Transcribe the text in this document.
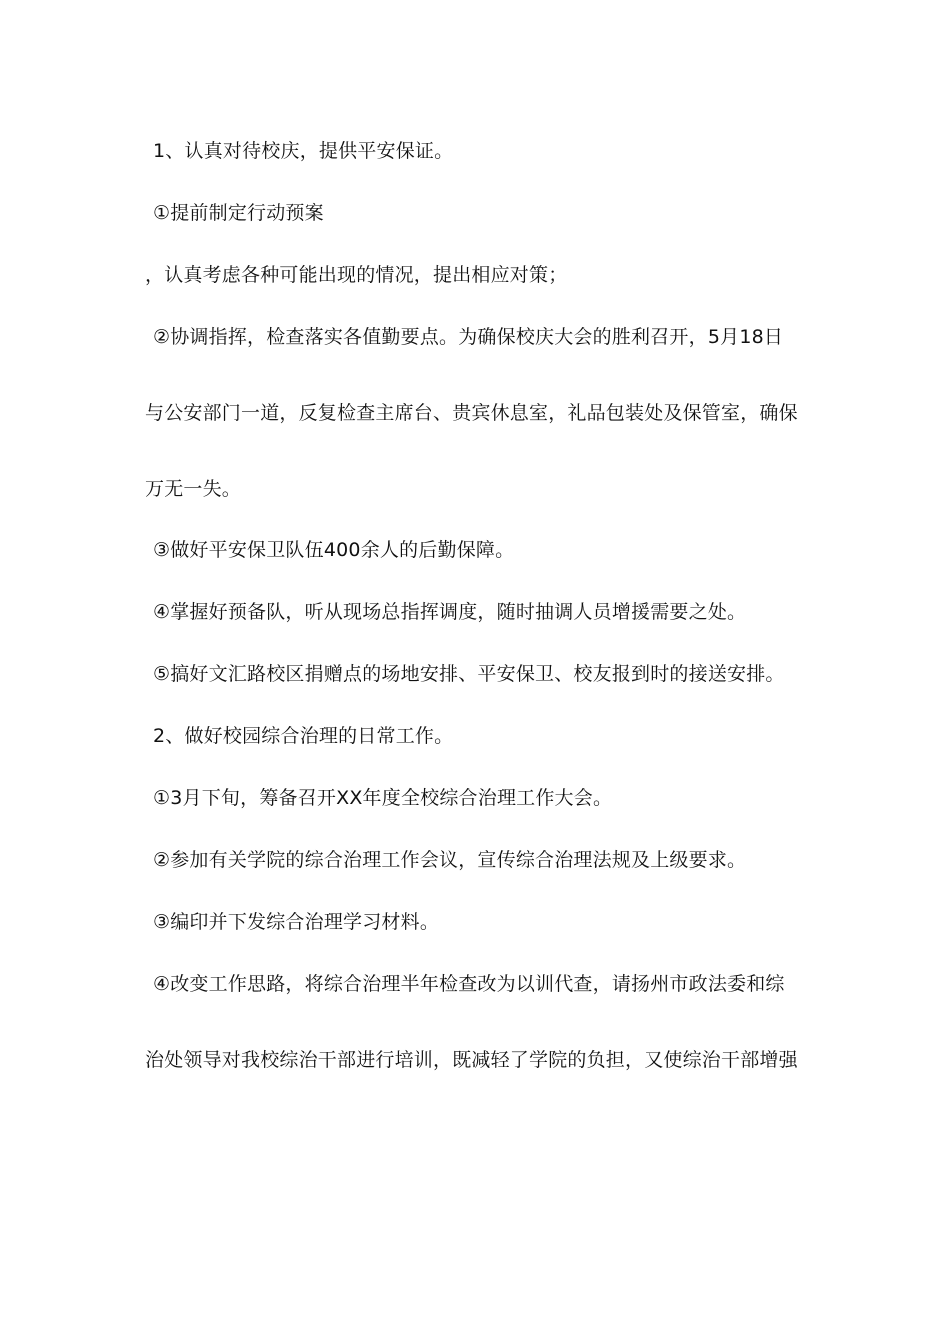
1、认真对待校庆，提供平安保证。
①提前制定行动预案
，认真考虑各种可能出现的情况，提出相应对策；
②协调指挥，检查落实各值勤要点。为确保校庆大会的胜利召开，5月18日
与公安部门一道，反复检查主席台、贵宾休息室，礼品包装处及保管室，确保
万无一失。
③做好平安保卫队伍400余人的后勤保障。
④掌握好预备队，听从现场总指挥调度，随时抽调人员增援需要之处。
⑤搞好文汇路校区捐赠点的场地安排、平安保卫、校友报到时的接送安排。
2、做好校园综合治理的日常工作。
①3月下旬，筹备召开XX年度全校综合治理工作大会。
②参加有关学院的综合治理工作会议，宣传综合治理法规及上级要求。
③编印并下发综合治理学习材料。
④改变工作思路，将综合治理半年检查改为以训代查，请扬州市政法委和综
治处领导对我校综治干部进行培训，既减轻了学院的负担，又使综治干部增强
